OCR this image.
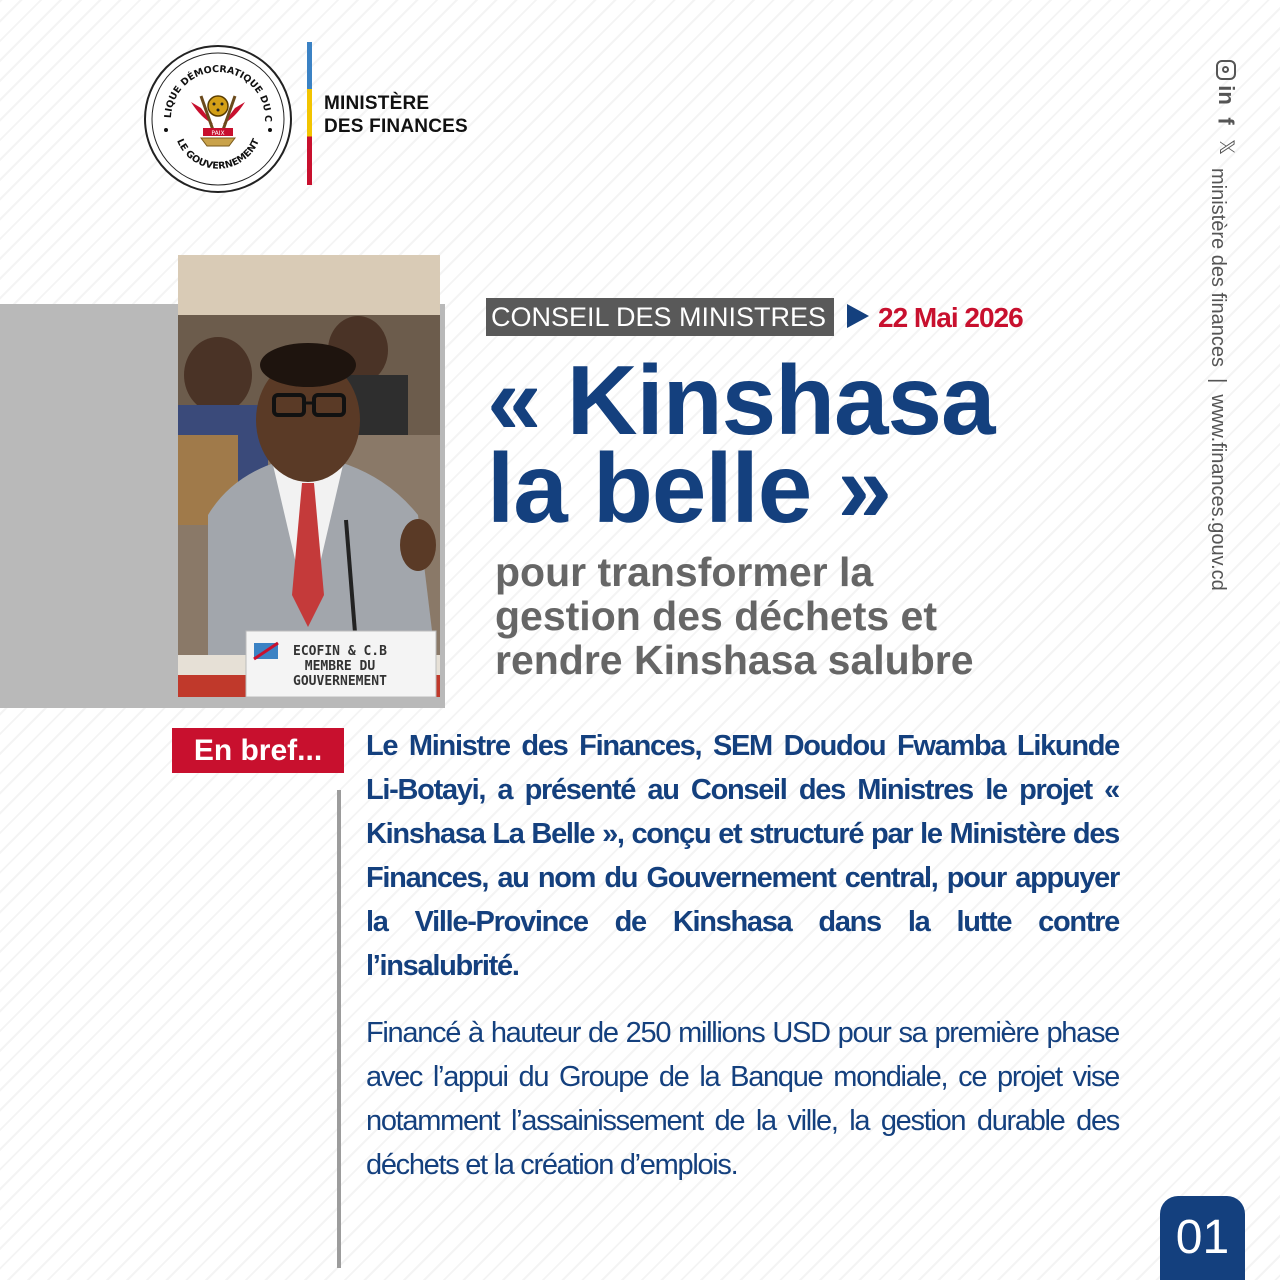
LIQUE DÉMOCRATIQUE DU C
LE GOUVERNEMENT
PAIX
MINISTÈRE
DES FINANCES
in
f
𝕏
ministère des finances  |  www.finances.gouv.cd
ECOFIN & C.B
MEMBRE DU
GOUVERNEMENT
CONSEIL DES MINISTRES 22 Mai 2026
« Kinshasa
la belle »
pour transformer la
gestion des déchets et
rendre Kinshasa salubre
En bref...	Le Ministre des Finances, SEM Doudou Fwamba Likunde Li-Botayi, a présenté au Conseil des Ministres le projet « Kinshasa La Belle », conçu et structuré par le Ministère des Finances, au nom du Gouvernement central, pour appuyer la Ville-Province de Kinshasa dans la lutte contre l’insalubrité.
Financé à hauteur de 250 millions USD pour sa première phase avec l’appui du Groupe de la Banque mondiale, ce projet vise notamment l’assainissement de la ville, la gestion durable des déchets et la création d’emplois.
01
